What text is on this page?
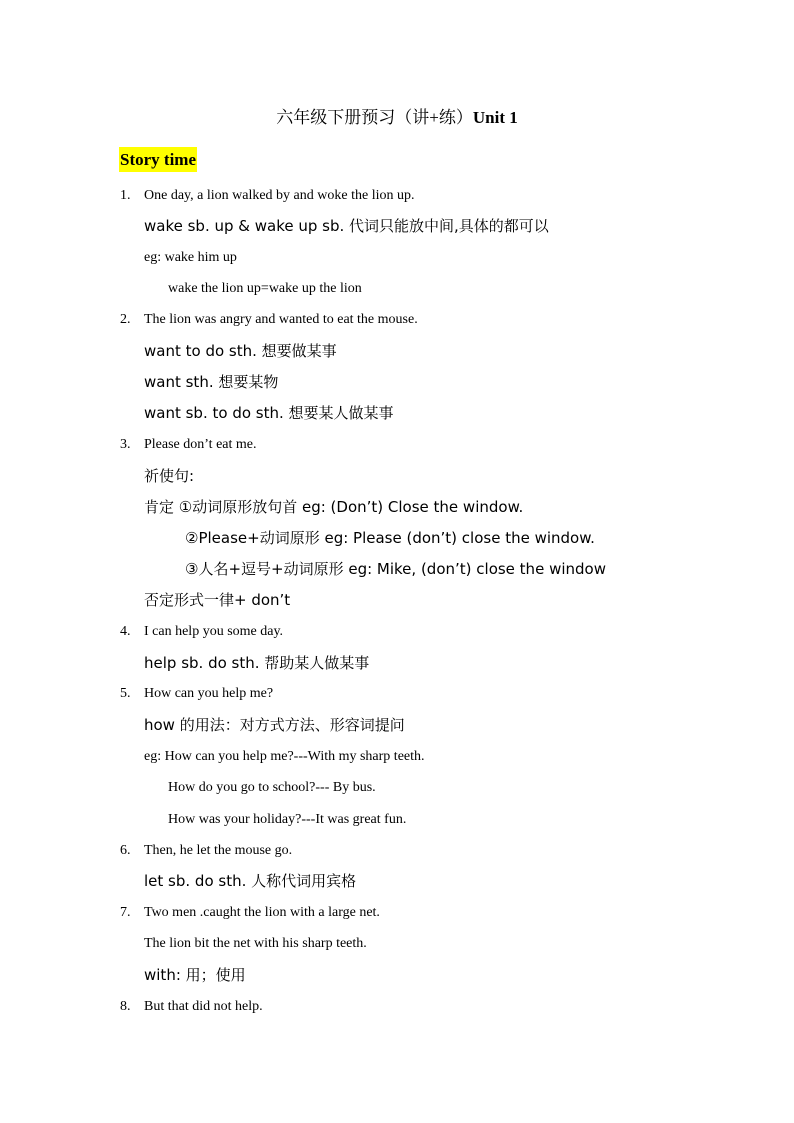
六年级下册预习（讲+练）Unit 1
Story time
1. One day, a lion walked by and woke the lion up.
wake sb. up & wake up sb. 代词只能放中间,具体的都可以
eg: wake him up
wake the lion up=wake up the lion
2. The lion was angry and wanted to eat the mouse.
want to do sth. 想要做某事
want sth. 想要某物
want sb. to do sth. 想要某人做某事
3. Please don’t eat me.
祈使句:
肯定 ①动词原形放句首 eg: (Don’t) Close the window.
②Please+动词原形 eg: Please (don’t) close the window.
③人名+逗号+动词原形 eg: Mike, (don’t) close the window
否定形式一律+ don’t
4. I can help you some day.
help sb. do sth. 帮助某人做某事
5. How can you help me?
how 的用法：对方式方法、形容词提问
eg: How can you help me?---With my sharp teeth.
How do you go to school?--- By bus.
How was your holiday?---It was great fun.
6. Then, he let the mouse go.
let sb. do sth. 人称代词用宾格
7. Two men .caught the lion with a large net.
The lion bit the net with his sharp teeth.
with: 用；使用
8. But that did not help.
